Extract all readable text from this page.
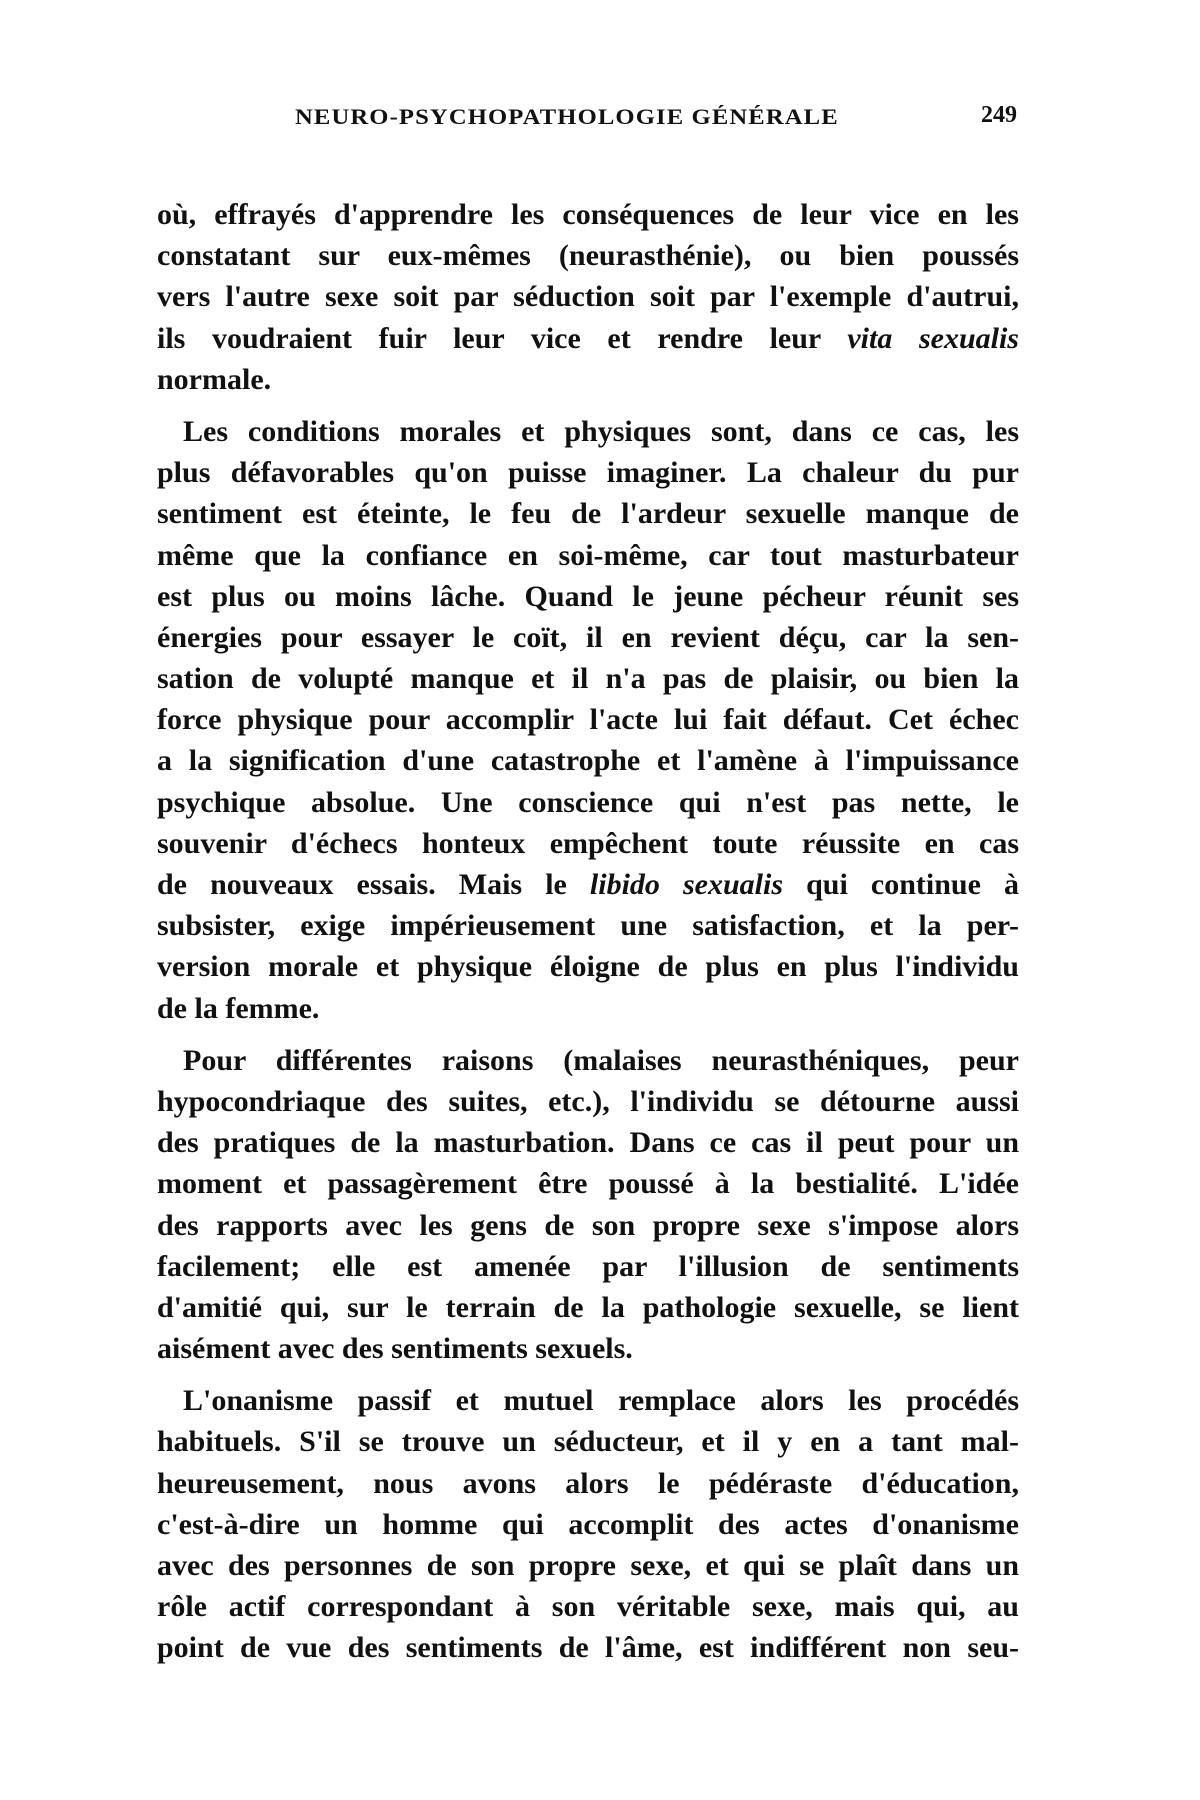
NEURO-PSYCHOPATHOLOGIE GÉNÉRALE	249
où, effrayés d'apprendre les conséquences de leur vice en les
constatant sur eux-mêmes (neurasthénie), ou bien poussés
vers l'autre sexe soit par séduction soit par l'exemple d'autrui,
ils voudraient fuir leur vice et rendre leur vita sexualis
normale.
Les conditions morales et physiques sont, dans ce cas, les
plus défavorables qu'on puisse imaginer. La chaleur du pur
sentiment est éteinte, le feu de l'ardeur sexuelle manque de
même que la confiance en soi-même, car tout masturbateur
est plus ou moins lâche. Quand le jeune pécheur réunit ses
énergies pour essayer le coït, il en revient déçu, car la sen-
sation de volupté manque et il n'a pas de plaisir, ou bien la
force physique pour accomplir l'acte lui fait défaut. Cet échec
a la signification d'une catastrophe et l'amène à l'impuissance
psychique absolue. Une conscience qui n'est pas nette, le
souvenir d'échecs honteux empêchent toute réussite en cas
de nouveaux essais. Mais le libido sexualis qui continue à
subsister, exige impérieusement une satisfaction, et la per-
version morale et physique éloigne de plus en plus l'individu
de la femme.
Pour différentes raisons (malaises neurasthéniques, peur
hypocondriaque des suites, etc.), l'individu se détourne aussi
des pratiques de la masturbation. Dans ce cas il peut pour un
moment et passagèrement être poussé à la bestialité. L'idée
des rapports avec les gens de son propre sexe s'impose alors
facilement; elle est amenée par l'illusion de sentiments
d'amitié qui, sur le terrain de la pathologie sexuelle, se lient
aisément avec des sentiments sexuels.
L'onanisme passif et mutuel remplace alors les procédés
habituels. S'il se trouve un séducteur, et il y en a tant mal-
heureusement, nous avons alors le pédéraste d'éducation,
c'est-à-dire un homme qui accomplit des actes d'onanisme
avec des personnes de son propre sexe, et qui se plaît dans un
rôle actif correspondant à son véritable sexe, mais qui, au
point de vue des sentiments de l'âme, est indifférent non seu-
